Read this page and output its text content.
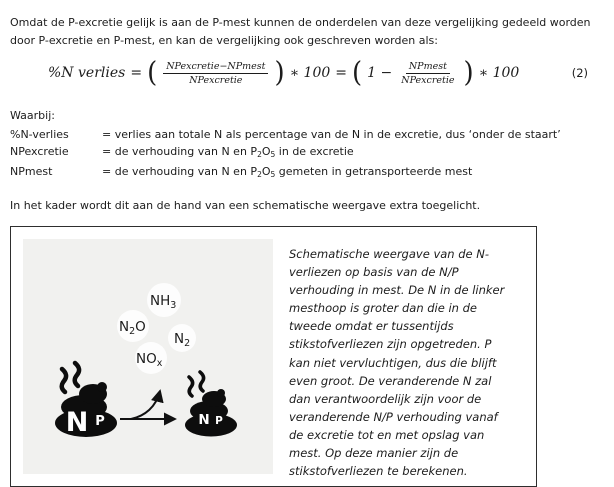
Omdat de P-excretie gelijk is aan de P-mest kunnen de onderdelen van deze vergelijking gedeeld worden
door P-excretie en P-mest, en kan de vergelijking ook geschreven worden als:
%N verlies = ( $\frac{\text{NPexcretie−NPmest}}{\text{NPexcretie}}$ ) ∗ 100 = ( $1 - \frac{\text{NPmest}}{\text{NPexcretie}}$ ) ∗ 100	(2)
Waarbij:
%N-verlies	= verlies aan totale N als percentage van de N in de excretie, dus ‘onder de staart’
NPexcretie	= de verhouding van N en $P_2O_5$ in de excretie
NPmest	= de verhouding van N en $P_2O_5$ gemeten in getransporteerde mest
In het kader wordt dit aan de hand van een schematische weergave extra toegelicht.
$NH_3$
$N_2O$
$N_2$
$NO_x$
N P	N P
Schematische weergave van de N-
verliezen op basis van de N/P
verhouding in mest. De N in de linker
mesthoop is groter dan die in de
tweede omdat er tussentijds
stikstofverliezen zijn opgetreden. P
kan niet vervluchtigen, dus die blijft
even groot. De veranderende N zal
dan verantwoordelijk zijn voor de
veranderende N/P verhouding vanaf
de excretie tot en met opslag van
mest. Op deze manier zijn de
stikstofverliezen te berekenen.
